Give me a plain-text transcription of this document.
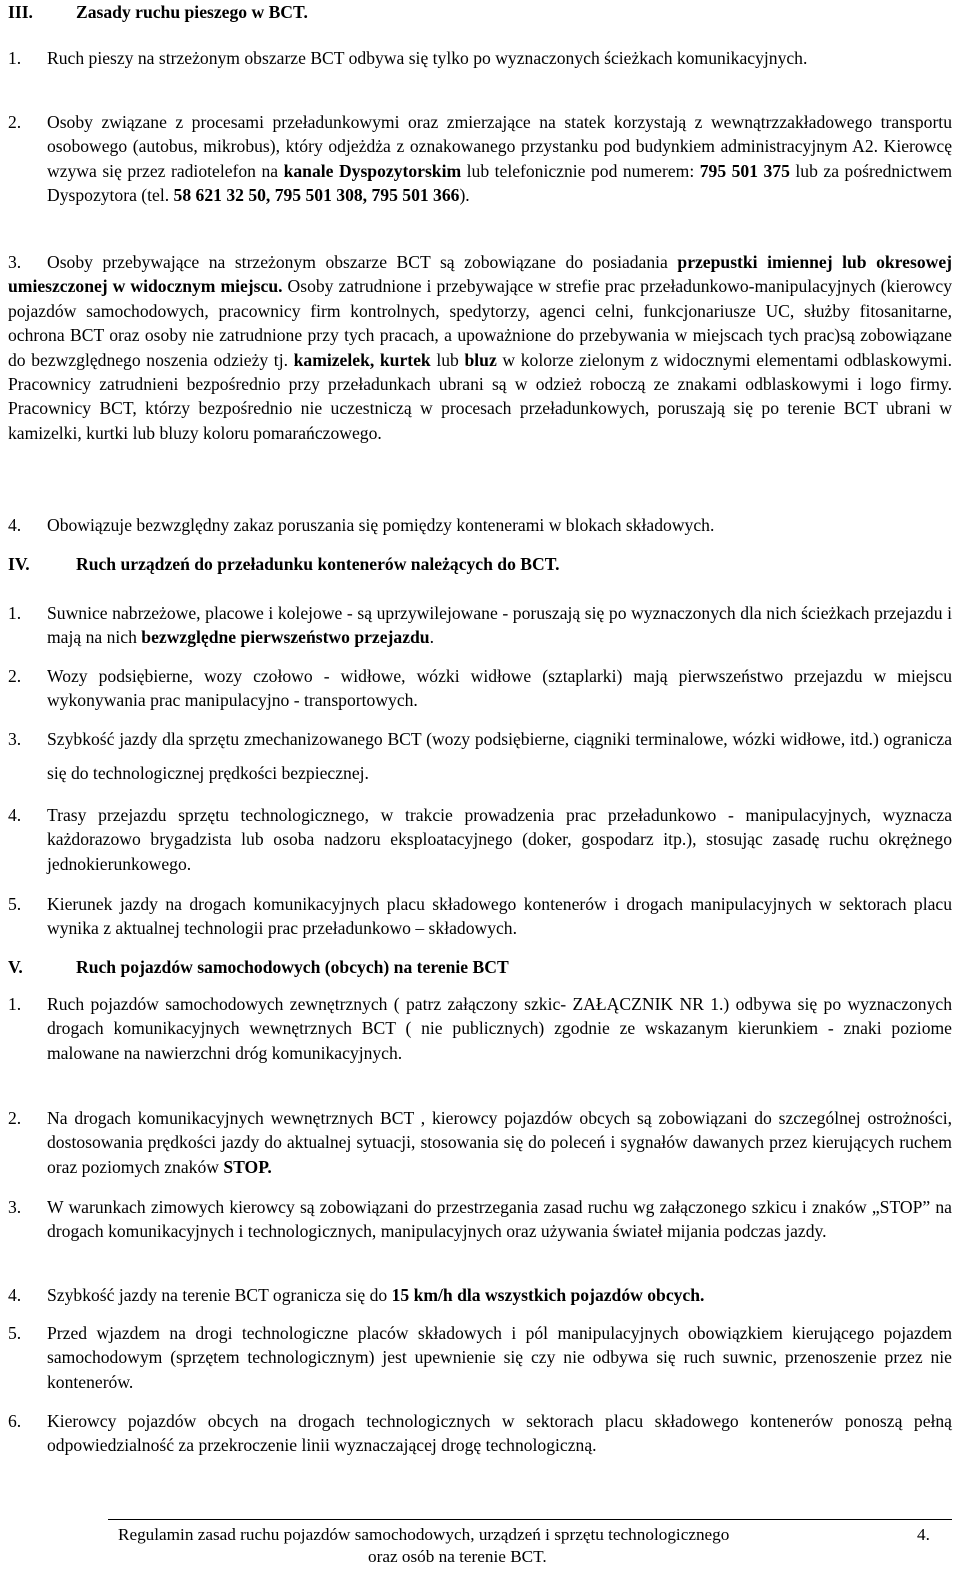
III. Zasady ruchu pieszego w BCT.
1.	Ruch pieszy na strzeżonym obszarze BCT odbywa się tylko po wyznaczonych ścieżkach komunikacyjnych.
2.	Osoby związane z procesami przeładunkowymi oraz zmierzające na statek korzystają z wewnątrzzakładowego transportu osobowego (autobus, mikrobus), który odjeżdża z oznakowanego przystanku pod budynkiem administracyjnym A2. Kierowcę wzywa się przez radiotelefon na kanale Dyspozytorskim lub telefonicznie pod numerem: 795 501 375 lub za pośrednictwem Dyspozytora (tel. 58 621 32 50, 795 501 308, 795 501 366).
3.	Osoby przebywające na strzeżonym obszarze BCT są zobowiązane do posiadania przepustki imiennej lub okresowej umieszczonej w widocznym miejscu. Osoby zatrudnione i przebywające w strefie prac przeładunkowo-manipulacyjnych (kierowcy pojazdów samochodowych, pracownicy firm kontrolnych, spedytorzy, agenci celni, funkcjonariusze UC, służby fitosanitarne, ochrona BCT oraz osoby nie zatrudnione przy tych pracach, a upoważnione do przebywania w miejscach tych prac)są zobowiązane do bezwzględnego noszenia odzieży tj. kamizelek, kurtek lub bluz w kolorze zielonym z widocznymi elementami odblaskowymi. Pracownicy zatrudnieni bezpośrednio przy przeładunkach ubrani są w odzież roboczą ze znakami odblaskowymi i logo firmy. Pracownicy BCT, którzy bezpośrednio nie uczestniczą w procesach przeładunkowych, poruszają się po terenie BCT ubrani w kamizelki, kurtki lub bluzy koloru pomarańczowego.
4.	Obowiązuje bezwzględny zakaz poruszania się pomiędzy kontenerami w blokach składowych.
IV.	Ruch urządzeń do przeładunku kontenerów należących do BCT.
1.	Suwnice nabrzeżowe, placowe i kolejowe - są uprzywilejowane - poruszają się po wyznaczonych dla nich ścieżkach przejazdu i mają na nich bezwzględne pierwszeństwo przejazdu.
2.	Wozy podsiębierne, wozy czołowo - widłowe, wózki widłowe (sztaplarki) mają pierwszeństwo przejazdu w miejscu wykonywania prac manipulacyjno - transportowych.
3.	Szybkość jazdy dla sprzętu zmechanizowanego BCT (wozy podsiębierne, ciągniki terminalowe, wózki widłowe, itd.) ogranicza się do technologicznej prędkości bezpiecznej.
4.	Trasy przejazdu sprzętu technologicznego, w trakcie prowadzenia prac przeładunkowo - manipulacyjnych, wyznacza każdorazowo brygadzista lub osoba nadzoru eksploatacyjnego (doker, gospodarz itp.), stosując zasadę ruchu okrężnego jednokierunkowego.
5.	Kierunek jazdy na drogach komunikacyjnych placu składowego kontenerów i drogach manipulacyjnych w sektorach placu wynika z aktualnej technologii prac przeładunkowo – składowych.
V.	Ruch pojazdów samochodowych (obcych) na terenie BCT
1.	Ruch pojazdów samochodowych zewnętrznych ( patrz załączony szkic- ZAŁĄCZNIK NR 1.) odbywa się po wyznaczonych drogach komunikacyjnych wewnętrznych BCT ( nie publicznych) zgodnie ze wskazanym kierunkiem - znaki poziome malowane na nawierzchni dróg komunikacyjnych.
2.	Na drogach komunikacyjnych wewnętrznych BCT , kierowcy pojazdów obcych są zobowiązani do szczególnej ostrożności, dostosowania prędkości jazdy do aktualnej sytuacji, stosowania się do poleceń i sygnałów dawanych przez kierujących ruchem oraz poziomych znaków STOP.
3.	W warunkach zimowych kierowcy są zobowiązani do przestrzegania zasad ruchu wg załączonego szkicu i znaków „STOP” na drogach komunikacyjnych i technologicznych, manipulacyjnych oraz używania świateł mijania podczas jazdy.
4.	Szybkość jazdy na terenie BCT ogranicza się do 15 km/h dla wszystkich pojazdów obcych.
5.	Przed wjazdem na drogi technologiczne placów składowych i pól manipulacyjnych obowiązkiem kierującego pojazdem samochodowym (sprzętem technologicznym) jest upewnienie się czy nie odbywa się ruch suwnic, przenoszenie przez nie kontenerów.
6.	Kierowcy pojazdów obcych na drogach technologicznych w sektorach placu składowego kontenerów ponoszą pełną odpowiedzialność za przekroczenie linii wyznaczającej drogę technologiczną.
Regulamin zasad ruchu pojazdów samochodowych, urządzeń i sprzętu technologicznego	4.
oraz osób na terenie BCT.
